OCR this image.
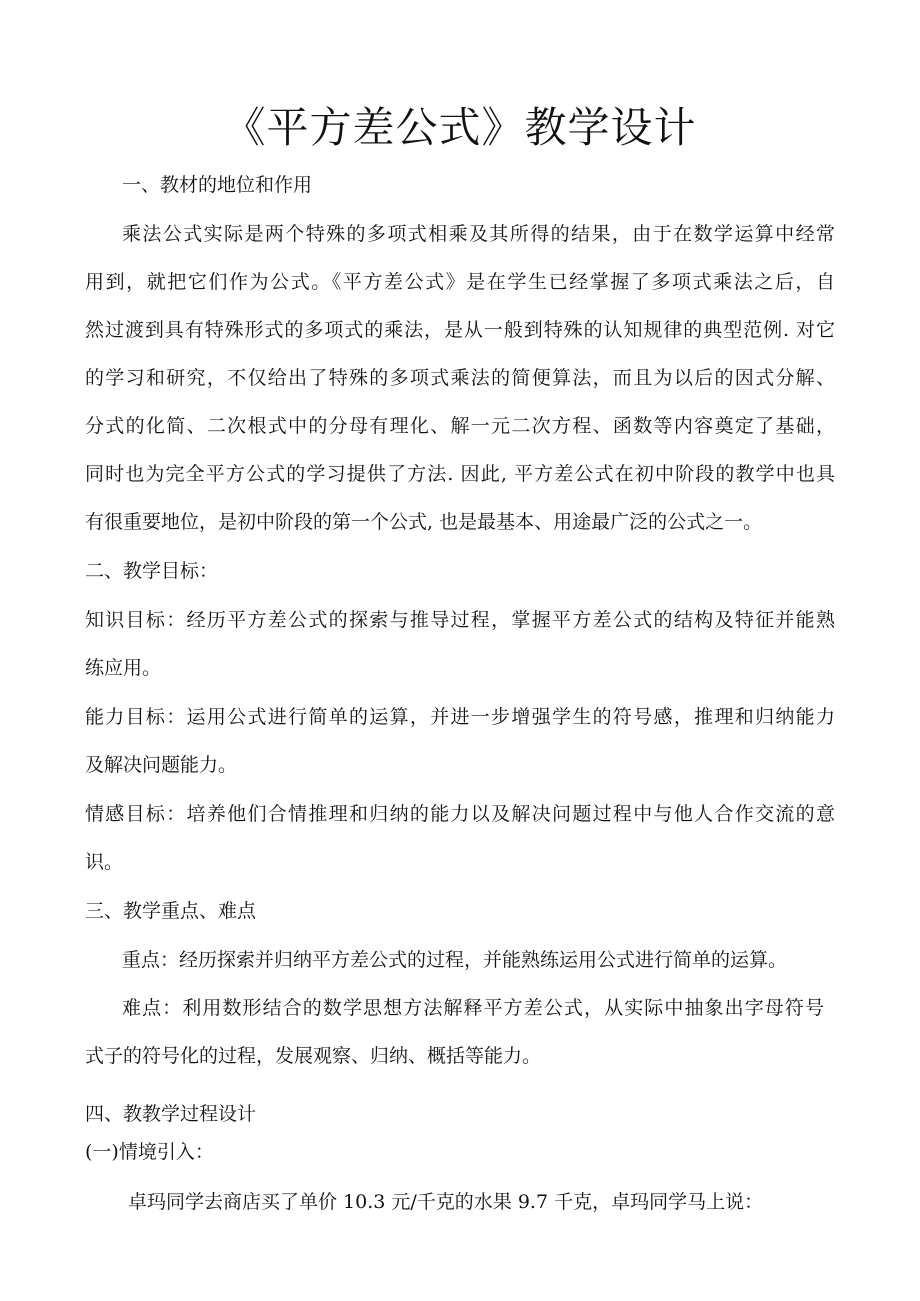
《平方差公式》教学设计
一、教材的地位和作用
乘法公式实际是两个特殊的多项式相乘及其所得的结果，由于在数学运算中经常
用到，就把它们作为公式。《平方差公式》是在学生已经掌握了多项式乘法之后，自
然过渡到具有特殊形式的多项式的乘法，是从一般到特殊的认知规律的典型范例. 对它
的学习和研究，不仅给出了特殊的多项式乘法的简便算法，而且为以后的因式分解、
分式的化简、二次根式中的分母有理化、解一元二次方程、函数等内容奠定了基础，
同时也为完全平方公式的学习提供了方法. 因此, 平方差公式在初中阶段的教学中也具
有很重要地位，是初中阶段的第一个公式, 也是最基本、用途最广泛的公式之一。
二、教学目标：
知识目标：经历平方差公式的探索与推导过程，掌握平方差公式的结构及特征并能熟
练应用。
能力目标：运用公式进行简单的运算，并进一步增强学生的符号感，推理和归纳能力
及解决问题能力。
情感目标：培养他们合情推理和归纳的能力以及解决问题过程中与他人合作交流的意
识。
三、教学重点、难点
重点：经历探索并归纳平方差公式的过程，并能熟练运用公式进行简单的运算。
难点：利用数形结合的数学思想方法解释平方差公式，从实际中抽象出字母符号
式子的符号化的过程，发展观察、归纳、概括等能力。
四、教教学过程设计
(一)情境引入：
卓玛同学去商店买了单价 10.3 元/千克的水果 9.7 千克，卓玛同学马上说：
